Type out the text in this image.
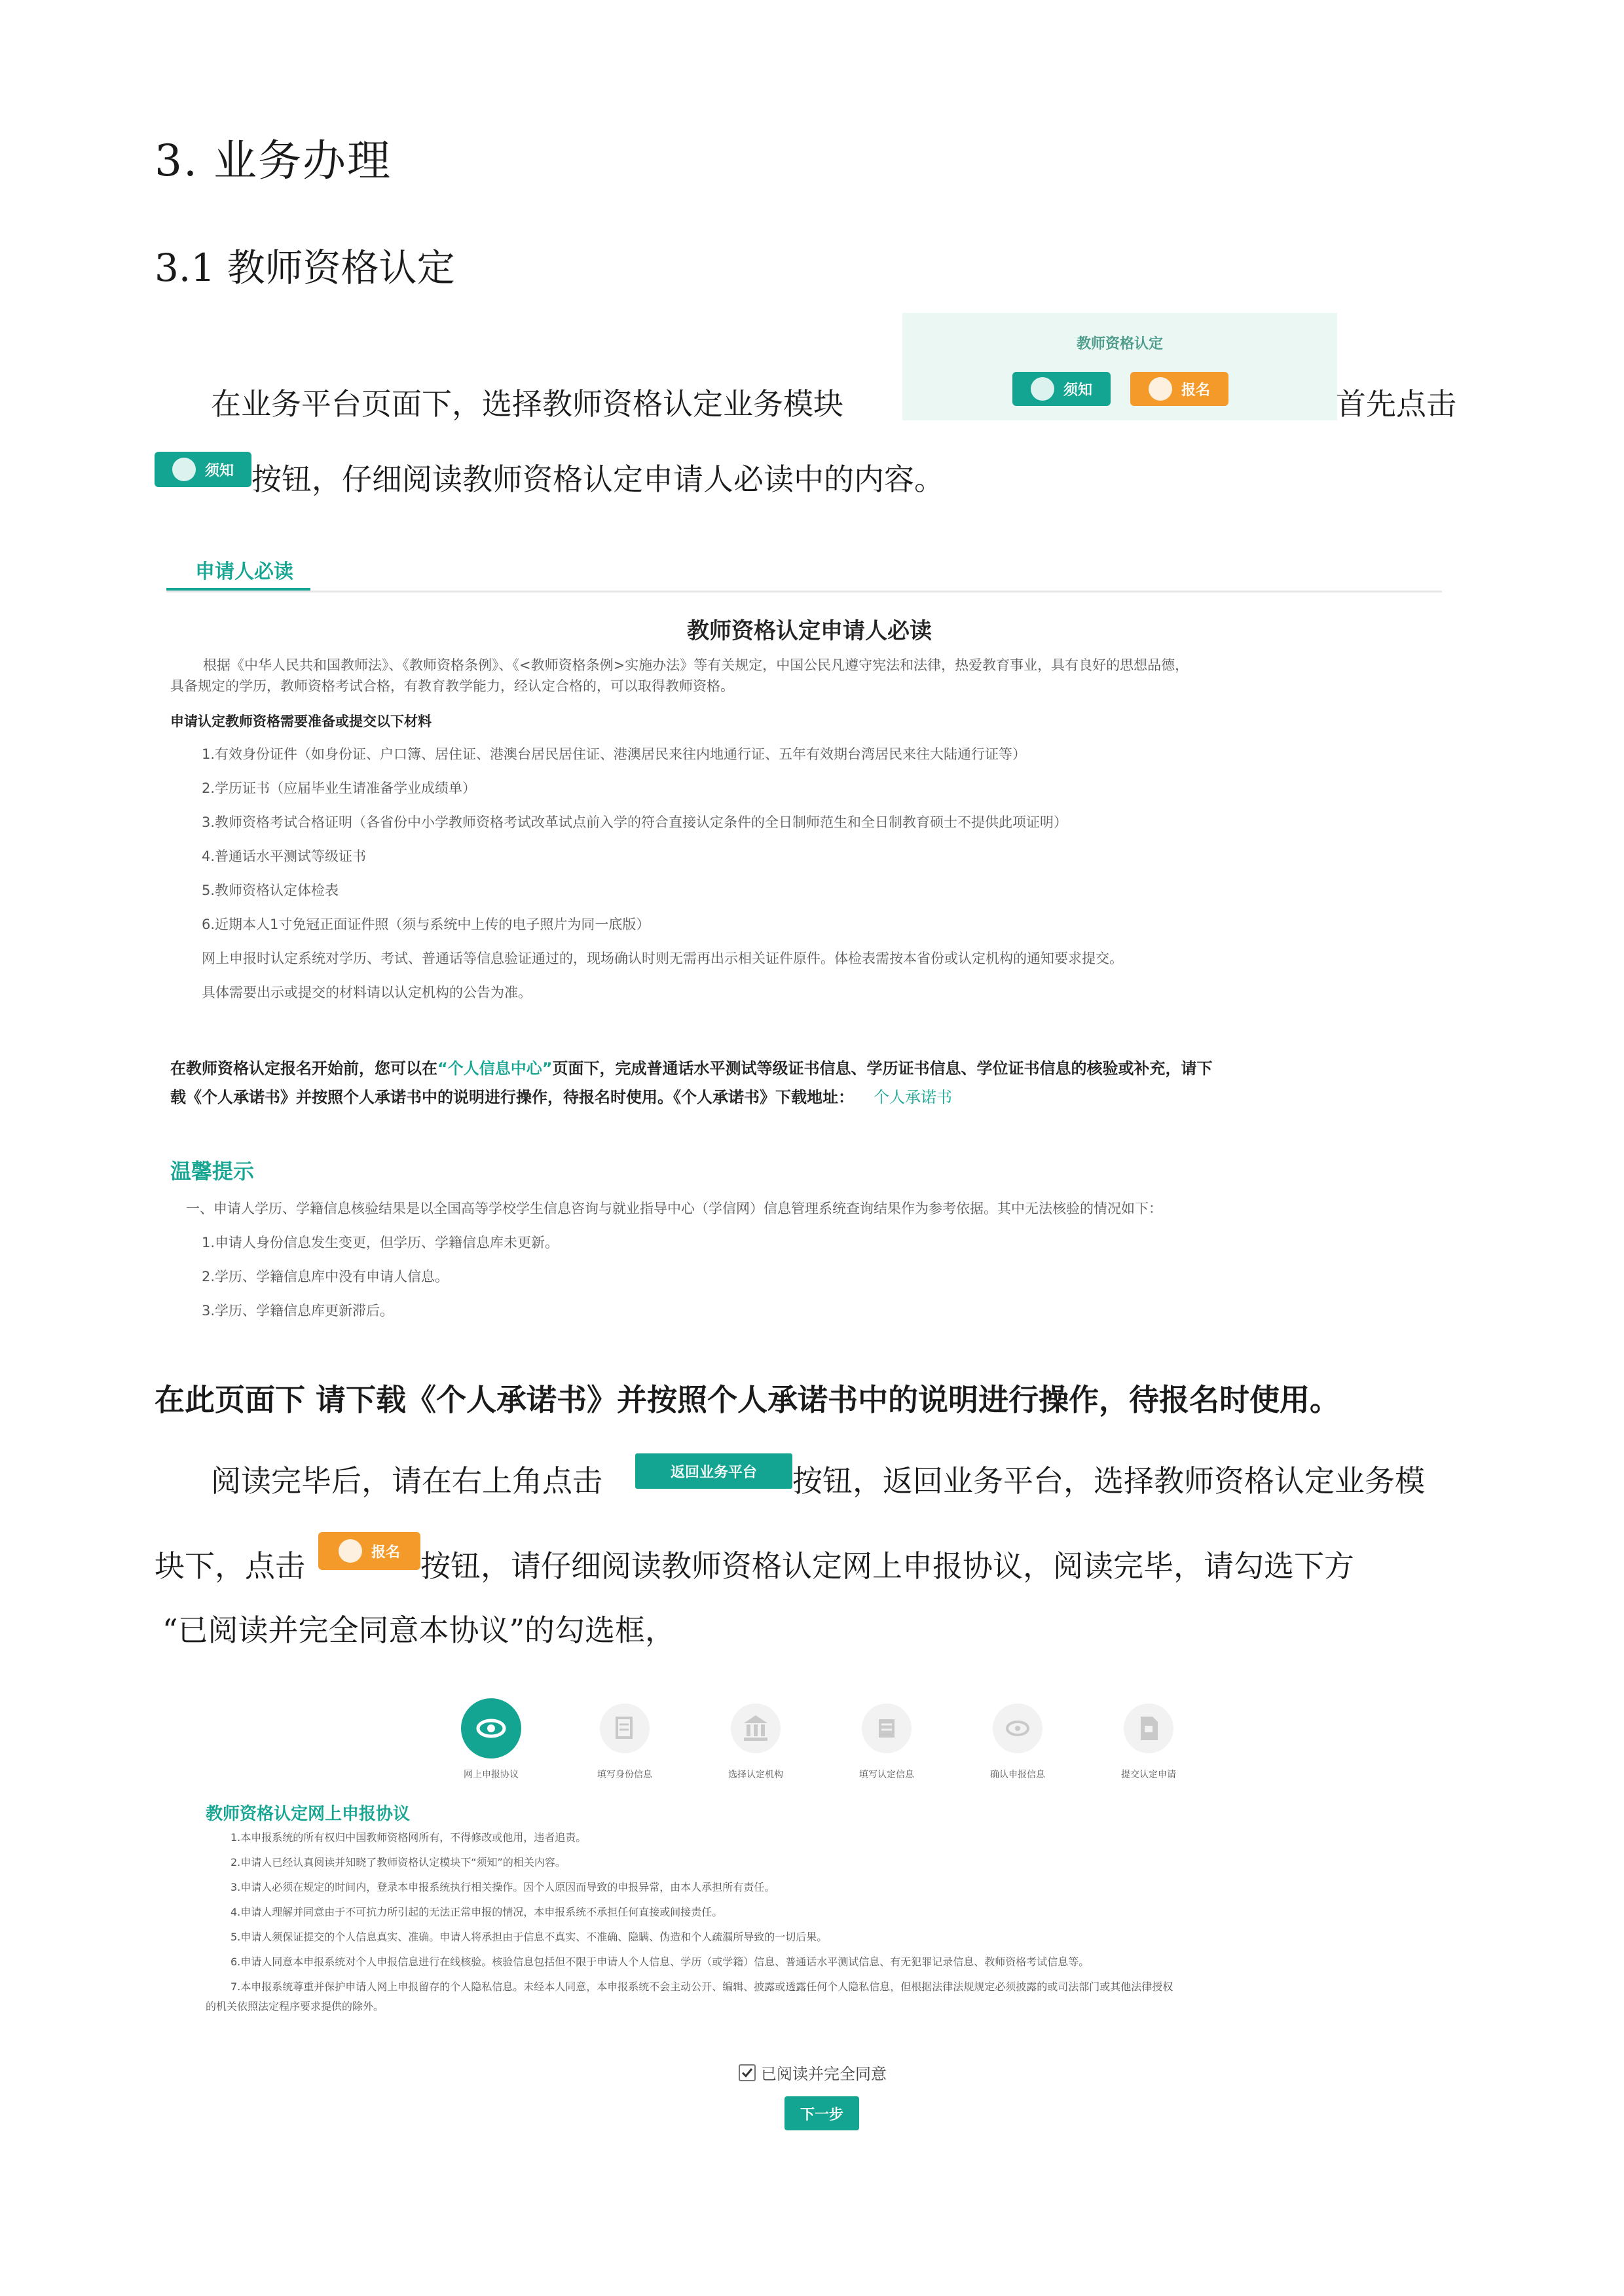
3. 业务办理
3.1 教师资格认定
在业务平台页面下，选择教师资格认定业务模块
教师资格认定
须知	报名	首先点击
须知 按钮，仔细阅读教师资格认定申请人必读中的内容。
申请人必读
教师资格认定申请人必读
根据《中华人民共和国教师法》、《教师资格条例》、《<教师资格条例>实施办法》等有关规定，中国公民凡遵守宪法和法律，热爱教育事业，具有良好的思想品德，
具备规定的学历，教师资格考试合格，有教育教学能力，经认定合格的，可以取得教师资格。
申请认定教师资格需要准备或提交以下材料
1.有效身份证件（如身份证、户口簿、居住证、港澳台居民居住证、港澳居民来往内地通行证、五年有效期台湾居民来往大陆通行证等）
2.学历证书（应届毕业生请准备学业成绩单）
3.教师资格考试合格证明（各省份中小学教师资格考试改革试点前入学的符合直接认定条件的全日制师范生和全日制教育硕士不提供此项证明）
4.普通话水平测试等级证书
5.教师资格认定体检表
6.近期本人1寸免冠正面证件照（须与系统中上传的电子照片为同一底版）
网上申报时认定系统对学历、考试、普通话等信息验证通过的，现场确认时则无需再出示相关证件原件。体检表需按本省份或认定机构的通知要求提交。
具体需要出示或提交的材料请以认定机构的公告为准。
在教师资格认定报名开始前，您可以在“个人信息中心”页面下，完成普通话水平测试等级证书信息、学历证书信息、学位证书信息的核验或补充，请下
载《个人承诺书》并按照个人承诺书中的说明进行操作，待报名时使用。《个人承诺书》下载地址： 个人承诺书
温馨提示
一、申请人学历、学籍信息核验结果是以全国高等学校学生信息咨询与就业指导中心（学信网）信息管理系统查询结果作为参考依据。其中无法核验的情况如下：
1.申请人身份信息发生变更，但学历、学籍信息库未更新。
2.学历、学籍信息库中没有申请人信息。
3.学历、学籍信息库更新滞后。
在此页面下 请下载《个人承诺书》并按照个人承诺书中的说明进行操作，待报名时使用。
阅读完毕后，请在右上角点击	返回业务平台	按钮，返回业务平台，选择教师资格认定业务模
块下，点击	报名 按钮，请仔细阅读教师资格认定网上申报协议，阅读完毕，请勾选下方
“已阅读并完全同意本协议”的勾选框，
网上申报协议	填写身份信息	选择认定机构	填写认定信息	确认申报信息	提交认定申请
教师资格认定网上申报协议
1.本申报系统的所有权归中国教师资格网所有，不得修改或他用，违者追责。
2.申请人已经认真阅读并知晓了教师资格认定模块下“须知”的相关内容。
3.申请人必须在规定的时间内，登录本申报系统执行相关操作。因个人原因而导致的申报异常，由本人承担所有责任。
4.申请人理解并同意由于不可抗力所引起的无法正常申报的情况，本申报系统不承担任何直接或间接责任。
5.申请人须保证提交的个人信息真实、准确。申请人将承担由于信息不真实、不准确、隐瞒、伪造和个人疏漏所导致的一切后果。
6.申请人同意本申报系统对个人申报信息进行在线核验。核验信息包括但不限于申请人个人信息、学历（或学籍）信息、普通话水平测试信息、有无犯罪记录信息、教师资格考试信息等。
7.本申报系统尊重并保护申请人网上申报留存的个人隐私信息。未经本人同意，本申报系统不会主动公开、编辑、披露或透露任何个人隐私信息，但根据法律法规规定必须披露的或司法部门或其他法律授权
的机关依照法定程序要求提供的除外。
已阅读并完全同意
下一步
